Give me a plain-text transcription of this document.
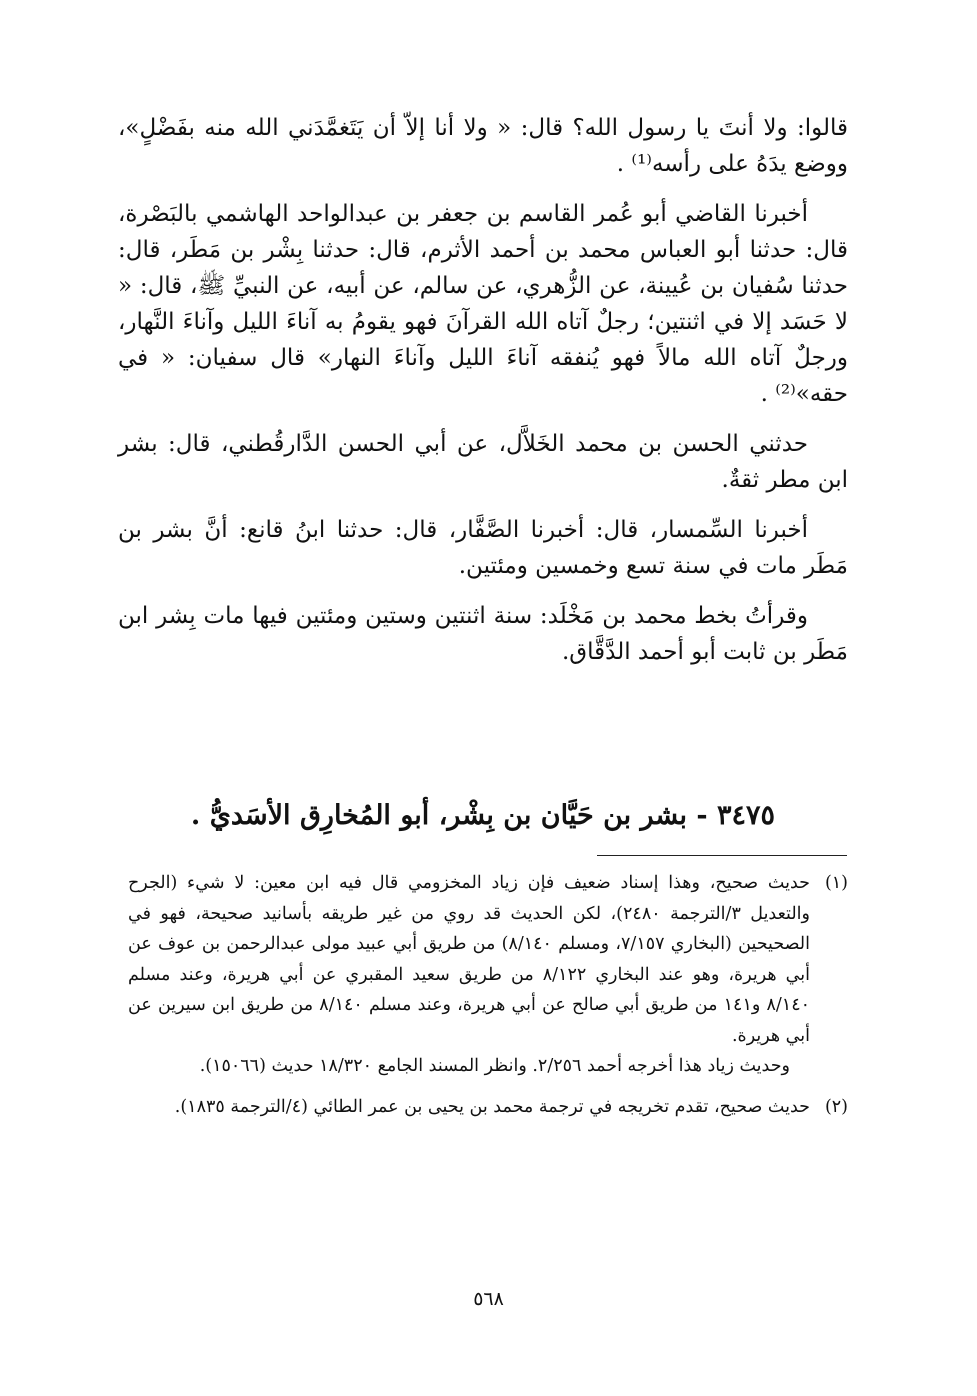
قالوا: ولا أنتَ يا رسول الله؟ قال: « ولا أنا إلاّ أن يَتَغمَّدَني الله منه بفَضْلٍ»، ووضع يدَهُ على رأسه⁽¹⁾ .

أخبرنا القاضي أبو عُمر القاسم بن جعفر بن عبدالواحد الهاشمي بالبَصْرة، قال: حدثنا أبو العباس محمد بن أحمد الأثرم، قال: حدثنا بِشْر بن مَطَر، قال: حدثنا سُفيان بن عُيينة، عن الزُّهري، عن سالم، عن أبيه، عن النبيِّ ﷺ، قال: « لا حَسَد إلا في اثنتين؛ رجلٌ آتاه الله القرآنَ فهو يقومُ به آناءَ الليل وآناءَ النَّهار، ورجلٌ آتاه الله مالاً فهو يُنفقه آناءَ الليل وآناءَ النهار» قال سفيان: « في حقه»⁽²⁾ .

حدثني الحسن بن محمد الخَلاَّل، عن أبي الحسن الدَّارقُطني، قال: بشر ابن مطر ثقةٌ.

أخبرنا السِّمسار، قال: أخبرنا الصَّفَّار، قال: حدثنا ابنُ قانع: أنَّ بشر بن مَطَر مات في سنة تسع وخمسين ومئتين.

وقرأتُ بخط محمد بن مَخْلَد: سنة اثنتين وستين ومئتين فيها مات بِشر ابن مَطَر بن ثابت أبو أحمد الدَّقَّاق.

٣٤٧٥ - بشر بن حَيَّان بن بِشْر، أبو المُخارِق الأسَديُّ .
(١)

حديث صحيح، وهذا إسناد ضعيف فإن زياد المخزومي قال فيه ابن معين: لا شيء (الجرح والتعديل ٣/الترجمة ٢٤٨٠)، لكن الحديث قد روي من غير طريقه بأسانيد صحيحة، فهو في الصحيحين (البخاري ٧/١٥٧، ومسلم ٨/١٤٠) من طريق أبي عبيد مولى عبدالرحمن بن عوف عن أبي هريرة، وهو عند البخاري ٨/١٢٢ من طريق سعيد المقبري عن أبي هريرة، وعند مسلم ٨/١٤٠ و١٤١ من طريق أبي صالح عن أبي هريرة، وعند مسلم ٨/١٤٠ من طريق ابن سيرين عن أبي هريرة.

وحديث زياد هذا أخرجه أحمد ٢/٢٥٦. وانظر المسند الجامع ١٨/٣٢٠ حديث (١٥٠٦٦).

(٢)

حديث صحيح، تقدم تخريجه في ترجمة محمد بن يحيى بن عمر الطائي (٤/الترجمة ١٨٣٥).

٥٦٨
